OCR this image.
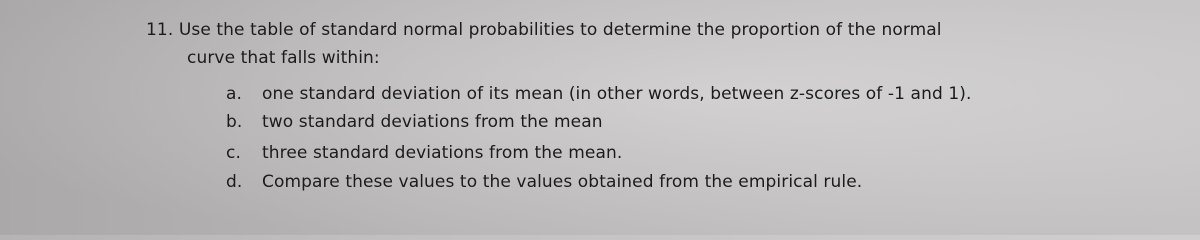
11. Use the table of standard normal probabilities to determine the proportion of the normal
curve that falls within:
a. one standard deviation of its mean (in other words, between z-scores of -1 and 1).
b. two standard deviations from the mean
c. three standard deviations from the mean.
d. Compare these values to the values obtained from the empirical rule.
